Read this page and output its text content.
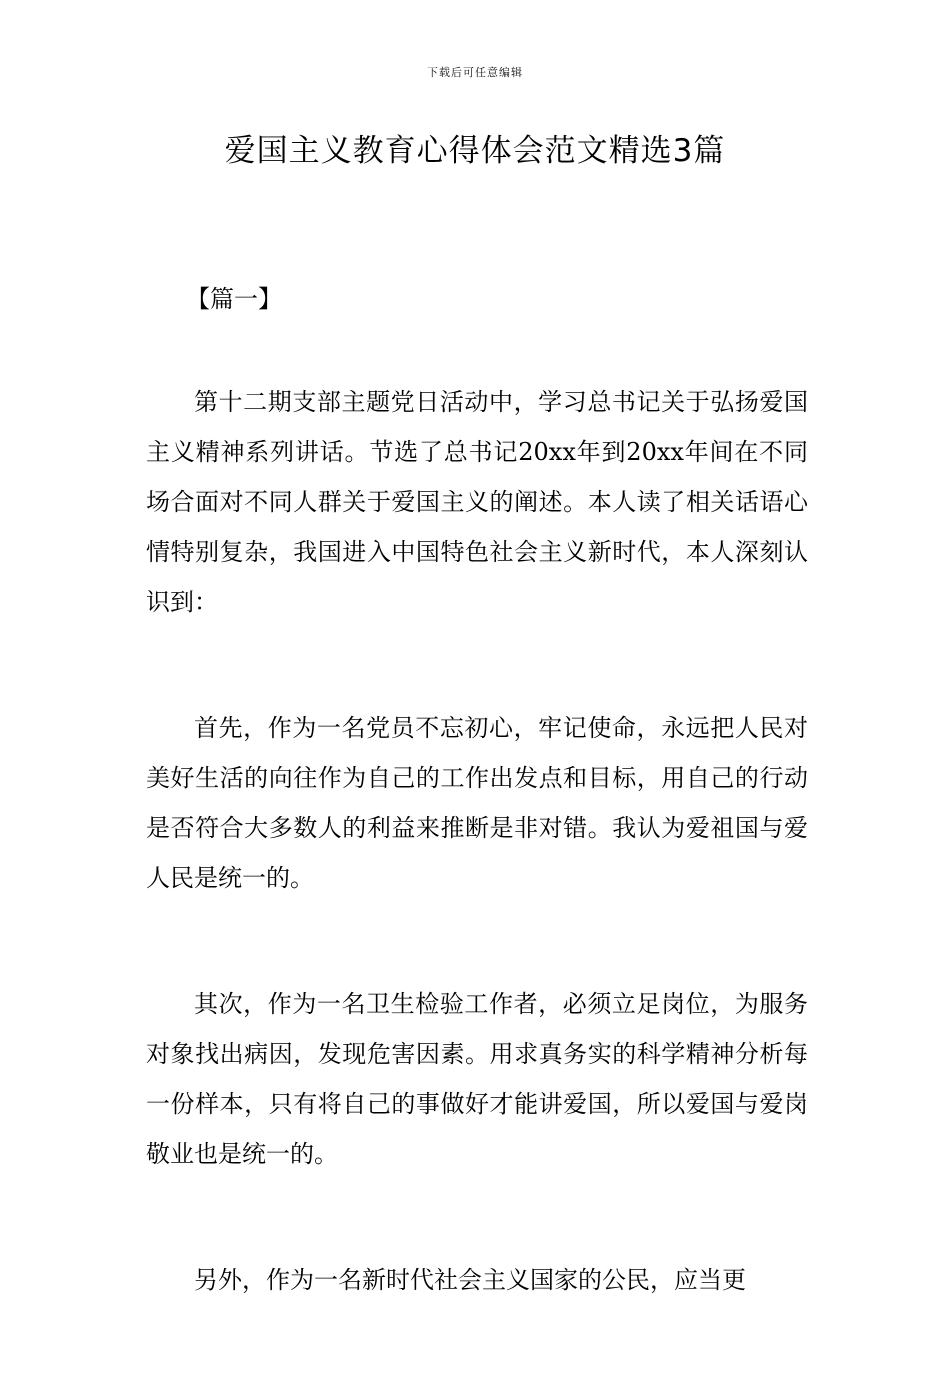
下载后可任意编辑
爱国主义教育心得体会范文精选3篇
【篇一】

第十二期支部主题党日活动中，学习总书记关于弘扬爱国主义精神系列讲话。节选了总书记20xx年到20xx年间在不同场合面对不同人群关于爱国主义的阐述。本人读了相关话语心情特别复杂，我国进入中国特色社会主义新时代，本人深刻认识到：

首先，作为一名党员不忘初心，牢记使命，永远把人民对美好生活的向往作为自己的工作出发点和目标，用自己的行动是否符合大多数人的利益来推断是非对错。我认为爱祖国与爱人民是统一的。

其次，作为一名卫生检验工作者，必须立足岗位，为服务对象找出病因，发现危害因素。用求真务实的科学精神分析每一份样本，只有将自己的事做好才能讲爱国，所以爱国与爱岗敬业也是统一的。

另外，作为一名新时代社会主义国家的公民，应当更
